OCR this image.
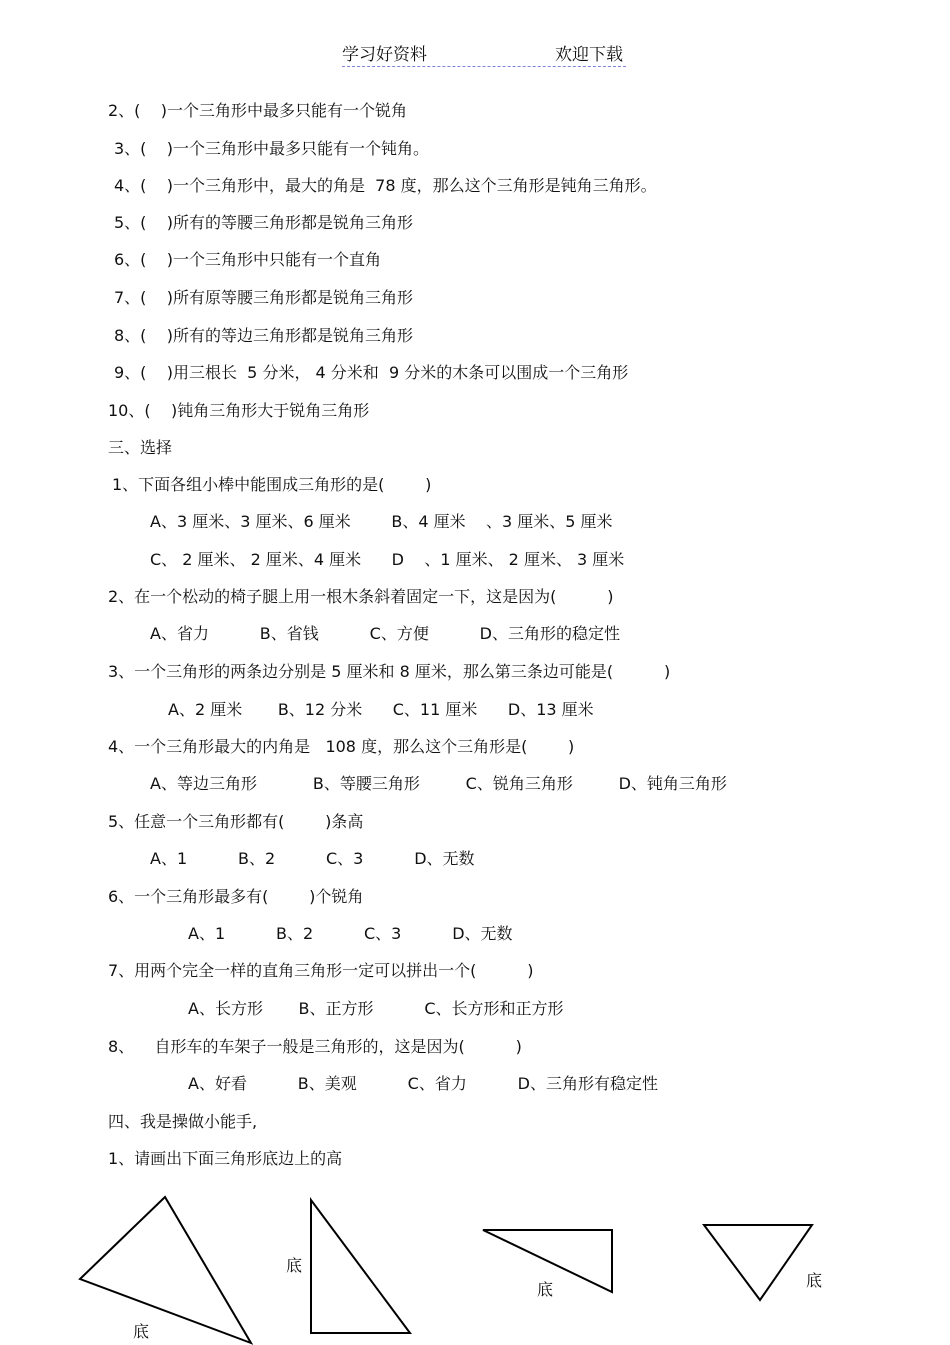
学习好资料	欢迎下载
2、(    )一个三角形中最多只能有一个锐角
3、(    )一个三角形中最多只能有一个钝角。
4、(    )一个三角形中，最大的角是  78 度，那么这个三角形是钝角三角形。
5、(    )所有的等腰三角形都是锐角三角形
6、(    )一个三角形中只能有一个直角
7、(    )所有原等腰三角形都是锐角三角形
8、(    )所有的等边三角形都是锐角三角形
9、(    )用三根长  5 分米， 4 分米和  9 分米的木条可以围成一个三角形
10、(    )钝角三角形大于锐角三角形
三、选择
1、下面各组小棒中能围成三角形的是(        )
A、3 厘米、3 厘米、6 厘米        B、4 厘米    、3 厘米、5 厘米
C、 2 厘米、 2 厘米、4 厘米      D    、1 厘米、 2 厘米、 3 厘米
2、在一个松动的椅子腿上用一根木条斜着固定一下，这是因为(          )
A、省力          B、省钱          C、方便          D、三角形的稳定性
3、一个三角形的两条边分别是 5 厘米和 8 厘米，那么第三条边可能是(          )
A、2 厘米       B、12 分米      C、11 厘米      D、13 厘米
4、一个三角形最大的内角是   108 度，那么这个三角形是(        )
A、等边三角形           B、等腰三角形         C、锐角三角形         D、钝角三角形
5、任意一个三角形都有(        )条高
A、1          B、2          C、3          D、无数
6、一个三角形最多有(        )个锐角
A、1          B、2          C、3          D、无数
7、用两个完全一样的直角三角形一定可以拼出一个(          )
A、长方形       B、正方形          C、长方形和正方形
8、    自形车的车架子一般是三角形的，这是因为(          )
A、好看          B、美观          C、省力          D、三角形有稳定性
四、我是操做小能手,
1、请画出下面三角形底边上的高
底
底
底	底
